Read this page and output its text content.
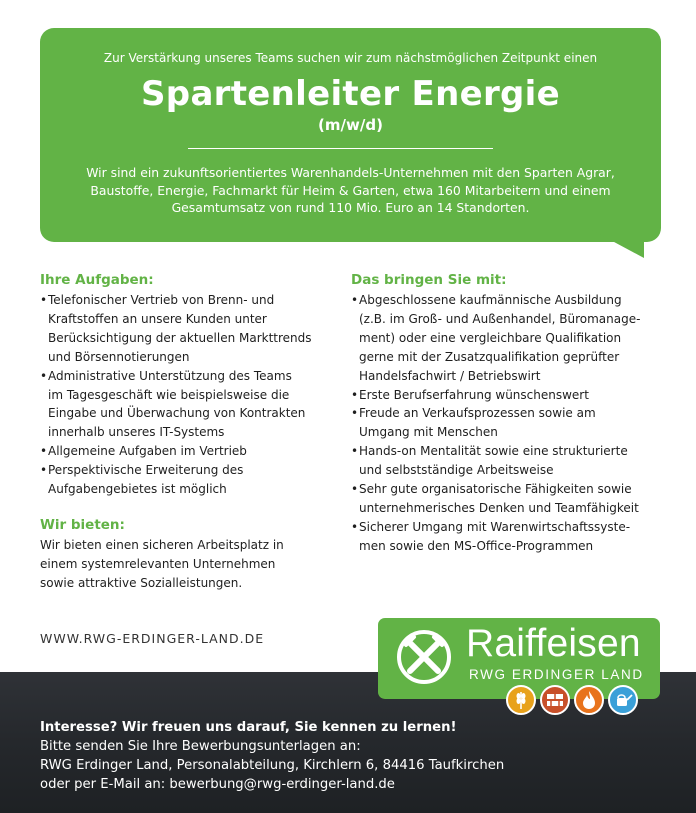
Zur Verstärkung unseres Teams suchen wir zum nächstmöglichen Zeitpunkt einen
Spartenleiter Energie
(m/w/d)
Wir sind ein zukunftsorientiertes Warenhandels-Unternehmen mit den Sparten Agrar, Baustoffe, Energie, Fachmarkt für Heim & Garten, etwa 160 Mitarbeitern und einem Gesamtumsatz von rund 110 Mio. Euro an 14 Standorten.
Ihre Aufgaben:
• Telefonischer Vertrieb von Brenn- und
Kraftstoffen an unsere Kunden unter
Berücksichtigung der aktuellen Markttrends
und Börsennotierungen
• Administrative Unterstützung des Teams
im Tagesgeschäft wie beispielsweise die
Eingabe und Überwachung von Kontrakten
innerhalb unseres IT-Systems
• Allgemeine Aufgaben im Vertrieb
• Perspektivische Erweiterung des
Aufgabengebietes ist möglich
Wir bieten:
Wir bieten einen sicheren Arbeitsplatz in
einem systemrelevanten Unternehmen
sowie attraktive Sozialleistungen.
Das bringen Sie mit:
• Abgeschlossene kaufmännische Ausbildung
(z.B. im Groß- und Außenhandel, Büromanage-
ment) oder eine vergleichbare Qualifikation
gerne mit der Zusatzqualifikation geprüfter
Handelsfachwirt / Betriebswirt
• Erste Berufserfahrung wünschenswert
• Freude an Verkaufsprozessen sowie am
Umgang mit Menschen
• Hands-on Mentalität sowie eine strukturierte
und selbstständige Arbeitsweise
• Sehr gute organisatorische Fähigkeiten sowie
unternehmerisches Denken und Teamfähigkeit
• Sicherer Umgang mit Warenwirtschaftssyste-
men sowie den MS-Office-Programmen
WWW.RWG-ERDINGER-LAND.DE
Interesse? Wir freuen uns darauf, Sie kennen zu lernen!
Bitte senden Sie Ihre Bewerbungsunterlagen an:
RWG Erdinger Land, Personalabteilung, Kirchlern 6, 84416 Taufkirchen
oder per E-Mail an: bewerbung@rwg-erdinger-land.de
Raiffeisen
RWG ERDINGER LAND
